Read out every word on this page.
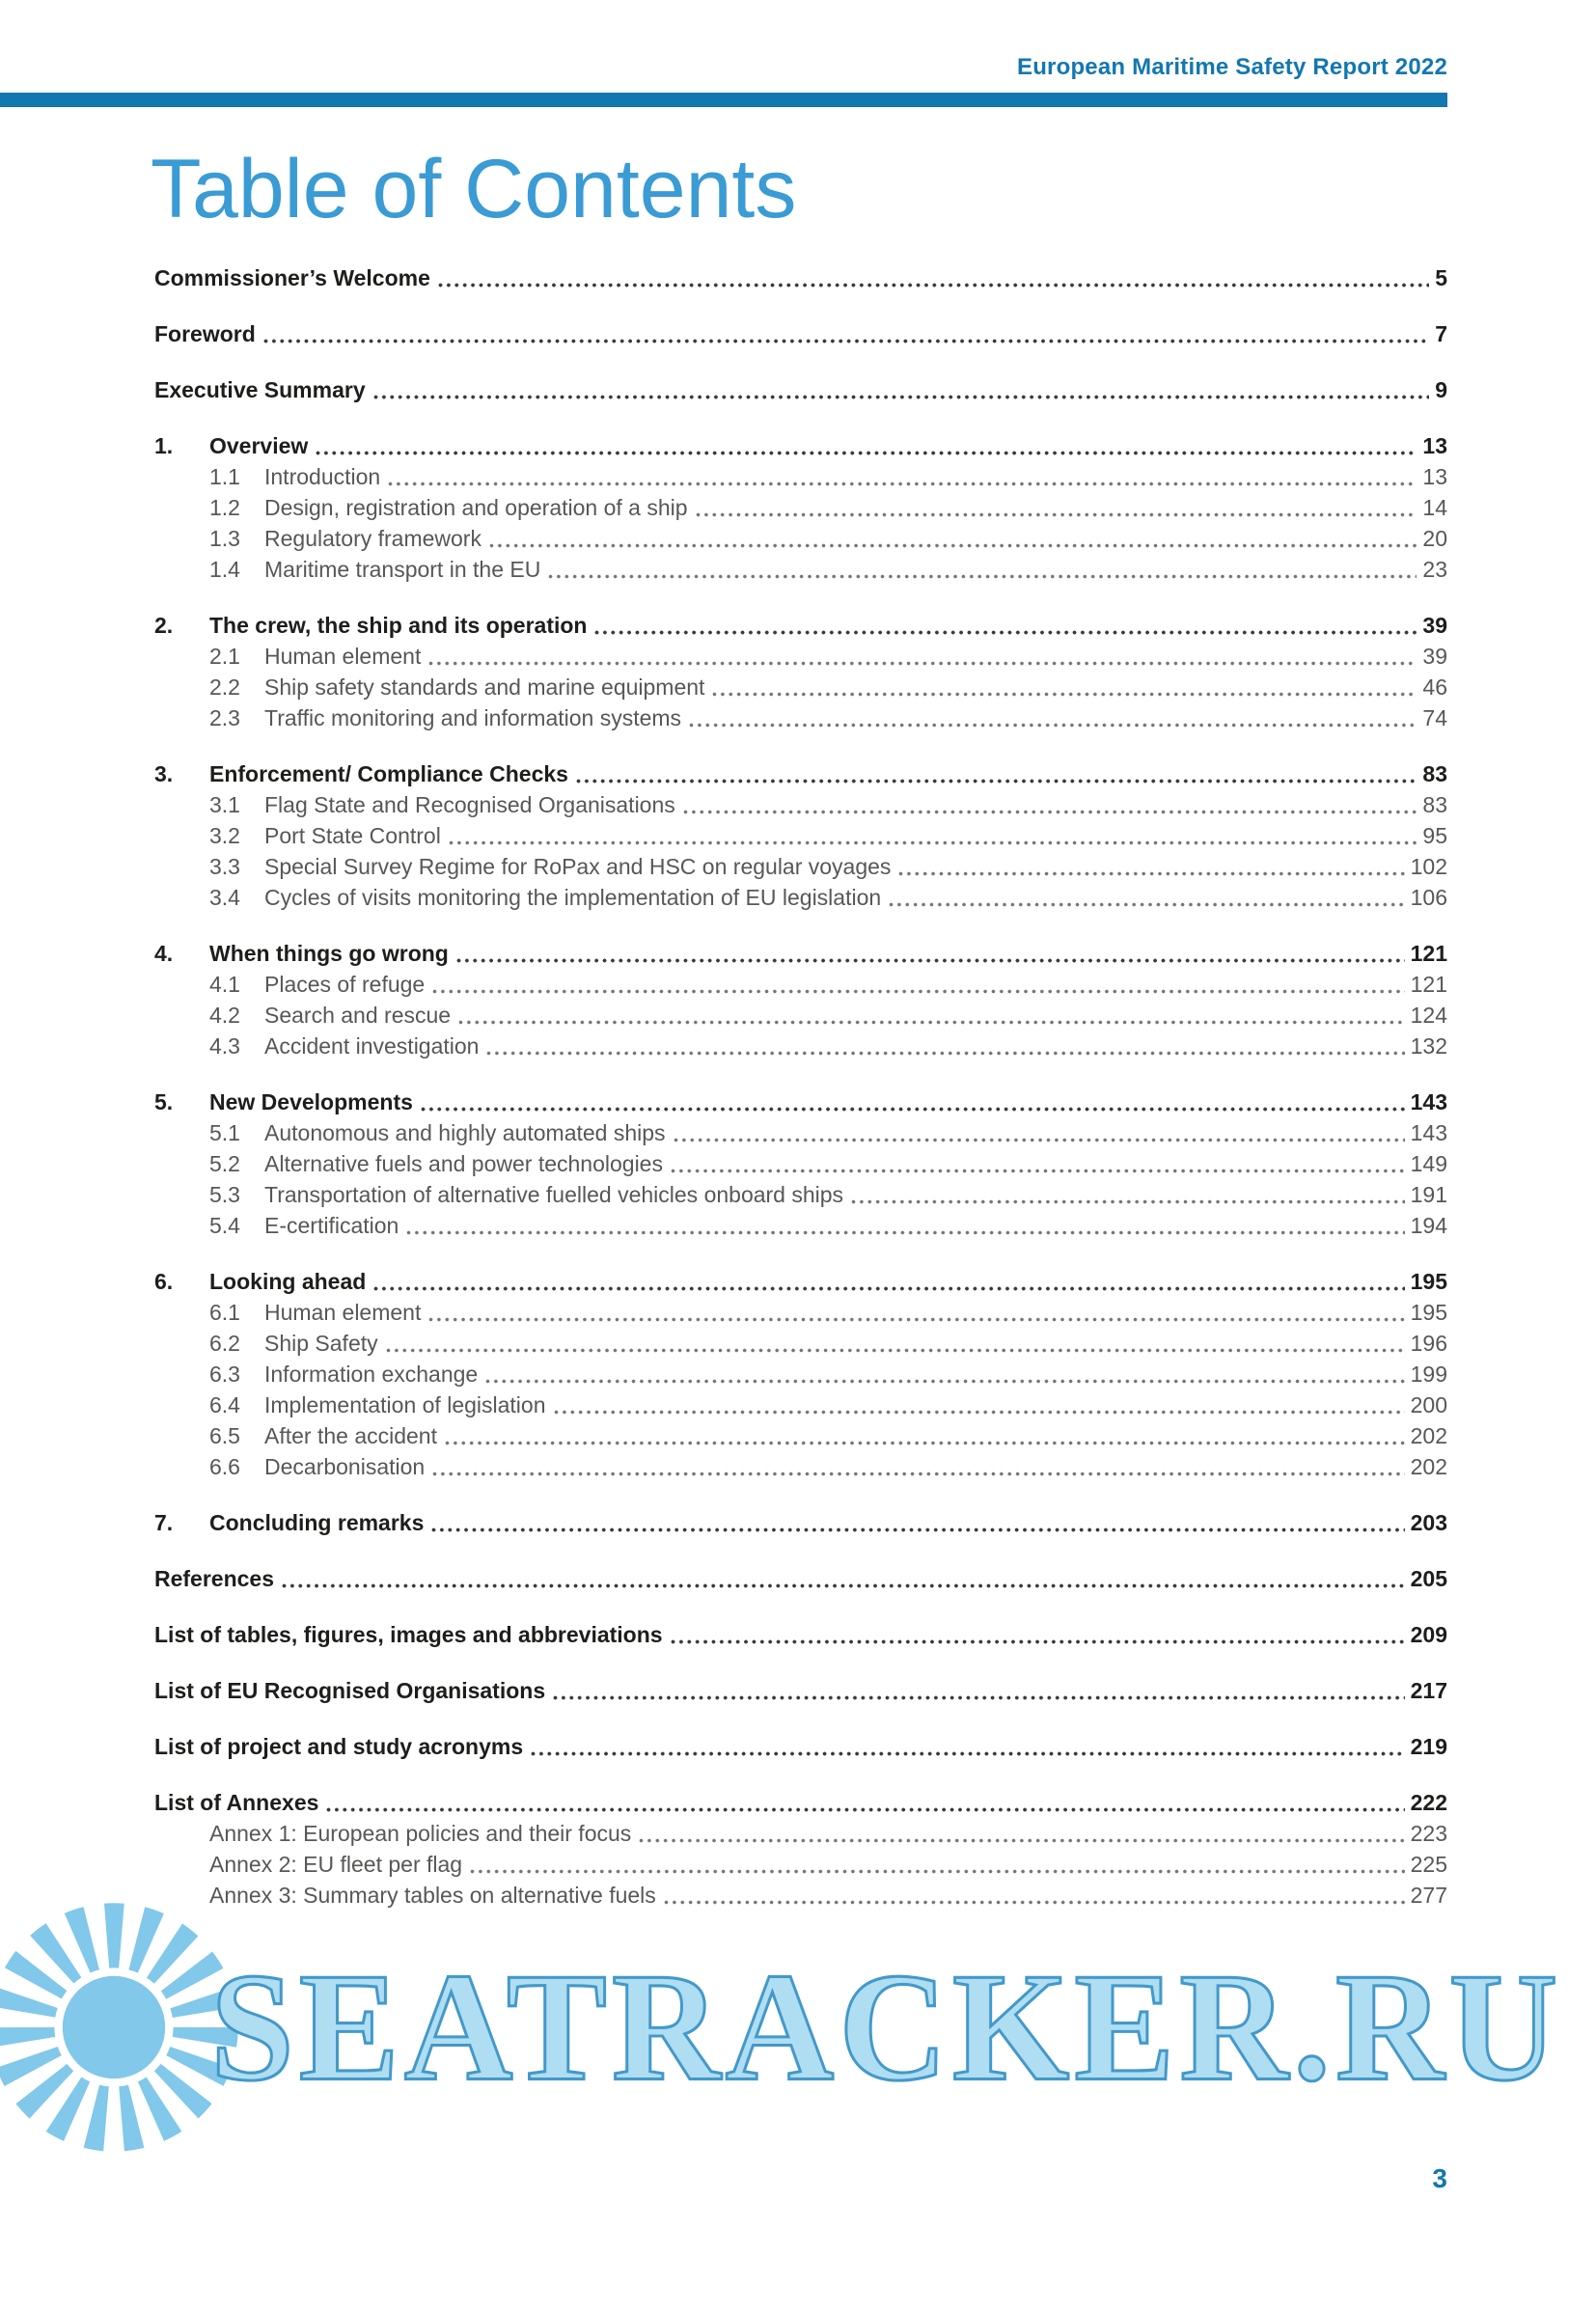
European Maritime Safety Report 2022
Table of Contents
Commissioner’s Welcome	5
Foreword	7
Executive Summary	9
1.	Overview	13
1.1	Introduction	13
1.2	Design, registration and operation of a ship	14
1.3	Regulatory framework	20
1.4	Maritime transport in the EU	23
2.	The crew, the ship and its operation	39
2.1	Human element	39
2.2	Ship safety standards and marine equipment	46
2.3	Traffic monitoring and information systems	74
3.	Enforcement/ Compliance Checks	83
3.1	Flag State and Recognised Organisations	83
3.2	Port State Control	95
3.3	Special Survey Regime for RoPax and HSC on regular voyages	102
3.4	Cycles of visits monitoring the implementation of EU legislation	106
4.	When things go wrong	121
4.1	Places of refuge	121
4.2	Search and rescue	124
4.3	Accident investigation	132
5.	New Developments	143
5.1	Autonomous and highly automated ships	143
5.2	Alternative fuels and power technologies	149
5.3	Transportation of alternative fuelled vehicles onboard ships	191
5.4	E-certification	194
6.	Looking ahead	195
6.1	Human element	195
6.2	Ship Safety	196
6.3	Information exchange	199
6.4	Implementation of legislation	200
6.5	After the accident	202
6.6	Decarbonisation	202
7.	Concluding remarks	203
References	205
List of tables, figures, images and abbreviations	209
List of EU Recognised Organisations	217
List of project and study acronyms	219
List of Annexes	222
Annex 1: European policies and their focus	223
Annex 2: EU fleet per flag	225
Annex 3: Summary tables on alternative fuels	277
SEATRACKER.RU
3
